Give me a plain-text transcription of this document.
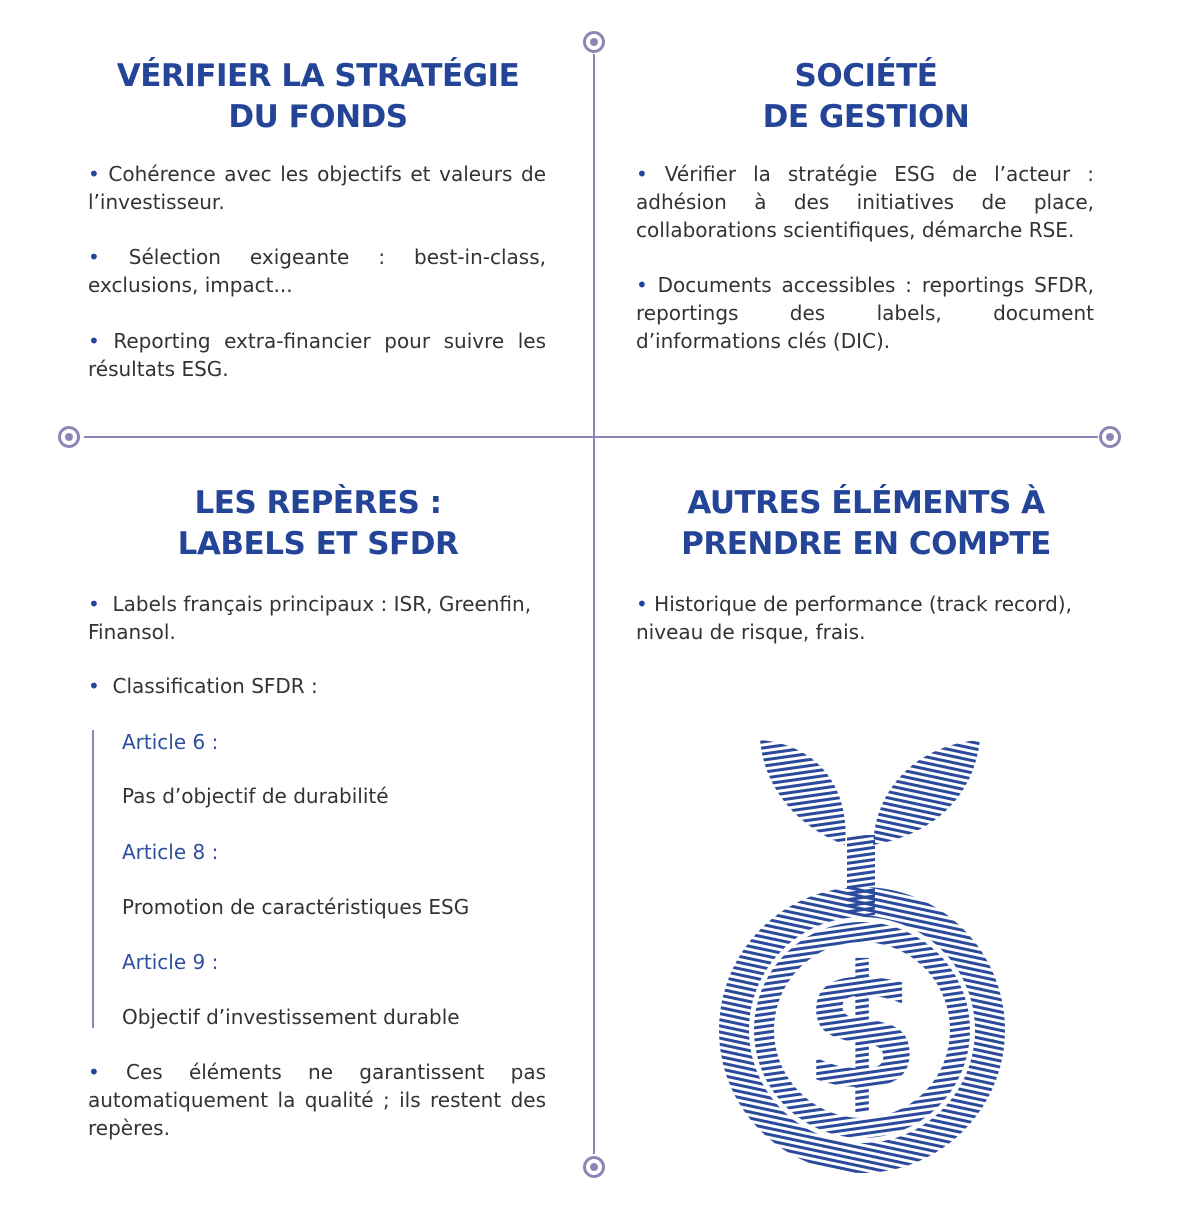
VÉRIFIER LA STRATÉGIE
DU FONDS

• Cohérence avec les objectifs et valeurs de l’investisseur.

• Sélection exigeante : best-in-class, exclusions, impact...

• Reporting extra-financier pour suivre les résultats ESG.

SOCIÉTÉ
DE GESTION

• Vérifier la stratégie ESG de l’acteur : adhésion à des initiatives de place, collaborations scientifiques, démarche RSE.

• Documents accessibles : reportings SFDR, reportings des labels, document d’informations clés (DIC).

LES REPÈRES :
LABELS ET SFDR

• Labels français principaux : ISR, Greenfin, Finansol.

• Classification SFDR :

Article 6 :
Pas d’objectif de durabilité
Article 8 :
Promotion de caractéristiques ESG
Article 9 :
Objectif d’investissement durable

• Ces éléments ne garantissent pas automatiquement la qualité ; ils restent des repères.

AUTRES ÉLÉMENTS À
PRENDRE EN COMPTE

• Historique de performance (track record), niveau de risque, frais.

$
